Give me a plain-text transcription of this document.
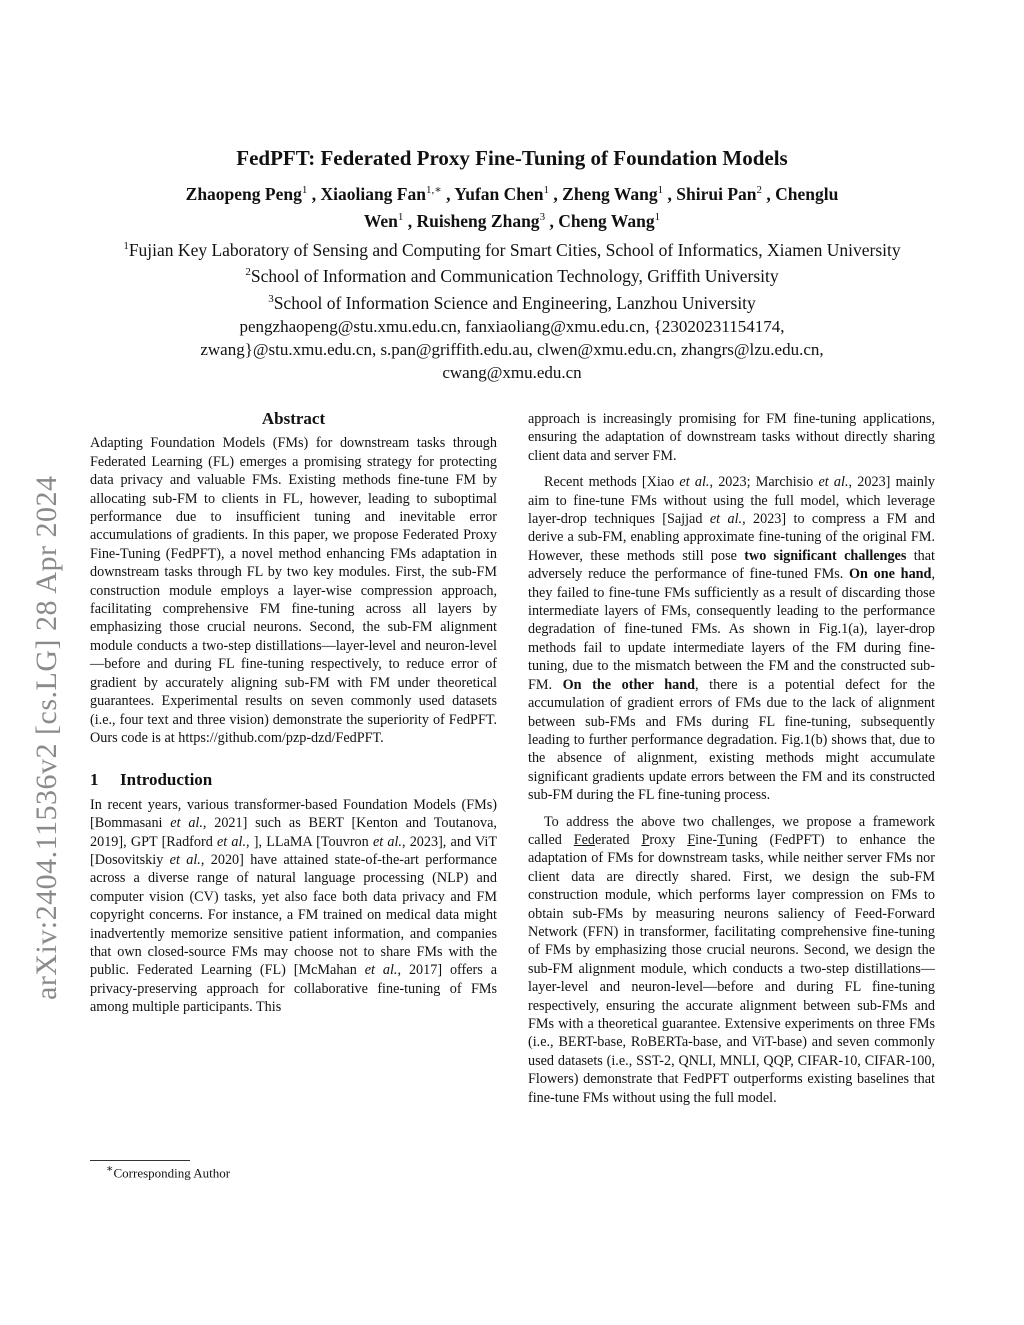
arXiv:2404.11536v2 [cs.LG] 28 Apr 2024
FedPFT: Federated Proxy Fine-Tuning of Foundation Models
Zhaopeng Peng$^1$ , Xiaoliang Fan$^{1,∗}$ , Yufan Chen$^1$ , Zheng Wang$^1$ , Shirui Pan$^2$ , Chenglu
Wen$^1$ , Ruisheng Zhang$^3$ , Cheng Wang$^1$

$^1$Fujian Key Laboratory of Sensing and Computing for Smart Cities, School of Informatics, Xiamen University

$^2$School of Information and Communication Technology, Griffith University

$^3$School of Information Science and Engineering, Lanzhou University

pengzhaopeng@stu.xmu.edu.cn, fanxiaoliang@xmu.edu.cn, {23020231154174,

zwang}@stu.xmu.edu.cn, s.pan@griffith.edu.au, clwen@xmu.edu.cn, zhangrs@lzu.edu.cn,

cwang@xmu.edu.cn

Abstract

Adapting Foundation Models (FMs) for downstream tasks through Federated Learning (FL) emerges a promising strategy for protecting data privacy and valuable FMs. Existing methods fine-tune FM by allocating sub-FM to clients in FL, however, leading to suboptimal performance due to insufficient tuning and inevitable error accumulations of gradients. In this paper, we propose Federated Proxy Fine-Tuning (FedPFT), a novel method enhancing FMs adaptation in downstream tasks through FL by two key modules. First, the sub-FM construction module employs a layer-wise compression approach, facilitating comprehensive FM fine-tuning across all layers by emphasizing those crucial neurons. Second, the sub-FM alignment module conducts a two-step distillations—layer-level and neuron-level—before and during FL fine-tuning respectively, to reduce error of gradient by accurately aligning sub-FM with FM under theoretical guarantees. Experimental results on seven commonly used datasets (i.e., four text and three vision) demonstrate the superiority of FedPFT. Ours code is at https://github.com/pzp-dzd/FedPFT.

1 Introduction

In recent years, various transformer-based Foundation Models (FMs) [Bommasani et al., 2021] such as BERT [Kenton and Toutanova, 2019], GPT [Radford et al., ], LLaMA [Touvron et al., 2023], and ViT [Dosovitskiy et al., 2020] have attained state-of-the-art performance across a diverse range of natural language processing (NLP) and computer vision (CV) tasks, yet also face both data privacy and FM copyright concerns. For instance, a FM trained on medical data might inadvertently memorize sensitive patient information, and companies that own closed-source FMs may choose not to share FMs with the public. Federated Learning (FL) [McMahan et al., 2017] offers a privacy-preserving approach for collaborative fine-tuning of FMs among multiple participants. This

approach is increasingly promising for FM fine-tuning applications, ensuring the adaptation of downstream tasks without directly sharing client data and server FM.

Recent methods [Xiao et al., 2023; Marchisio et al., 2023] mainly aim to fine-tune FMs without using the full model, which leverage layer-drop techniques [Sajjad et al., 2023] to compress a FM and derive a sub-FM, enabling approximate fine-tuning of the original FM. However, these methods still pose two significant challenges that adversely reduce the performance of fine-tuned FMs. On one hand, they failed to fine-tune FMs sufficiently as a result of discarding those intermediate layers of FMs, consequently leading to the performance degradation of fine-tuned FMs. As shown in Fig.1(a), layer-drop methods fail to update intermediate layers of the FM during fine-tuning, due to the mismatch between the FM and the constructed sub-FM. On the other hand, there is a potential defect for the accumulation of gradient errors of FMs due to the lack of alignment between sub-FMs and FMs during FL fine-tuning, subsequently leading to further performance degradation. Fig.1(b) shows that, due to the absence of alignment, existing methods might accumulate significant gradients update errors between the FM and its constructed sub-FM during the FL fine-tuning process.

To address the above two challenges, we propose a framework called Federated Proxy Fine-Tuning (FedPFT) to enhance the adaptation of FMs for downstream tasks, while neither server FMs nor client data are directly shared. First, we design the sub-FM construction module, which performs layer compression on FMs to obtain sub-FMs by measuring neurons saliency of Feed-Forward Network (FFN) in transformer, facilitating comprehensive fine-tuning of FMs by emphasizing those crucial neurons. Second, we design the sub-FM alignment module, which conducts a two-step distillations—layer-level and neuron-level—before and during FL fine-tuning respectively, ensuring the accurate alignment between sub-FMs and FMs with a theoretical guarantee. Extensive experiments on three FMs (i.e., BERT-base, RoBERTa-base, and ViT-base) and seven commonly used datasets (i.e., SST-2, QNLI, MNLI, QQP, CIFAR-10, CIFAR-100, Flowers) demonstrate that FedPFT outperforms existing baselines that fine-tune FMs without using the full model.

∗Corresponding Author
